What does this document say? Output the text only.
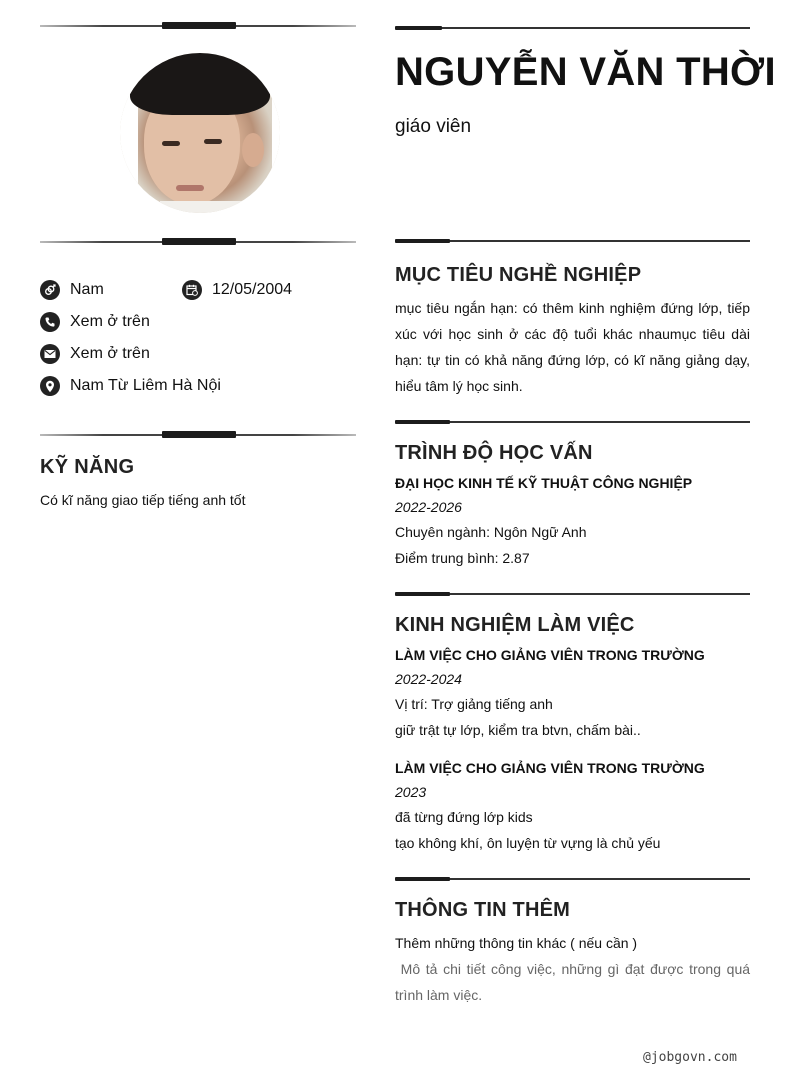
Nam	12/05/2004
Xem ở trên
Xem ở trên
Nam Từ Liêm Hà Nội
KỸ NĂNG
Có kĩ năng giao tiếp tiếng anh tốt
NGUYỄN VĂN THỜI
giáo viên
MỤC TIÊU NGHỀ NGHIỆP
mục tiêu ngắn hạn: có thêm kinh nghiệm đứng lớp, tiếp xúc với học sinh ở các độ tuổi khác nhaumục tiêu dài hạn: tự tin có khả năng đứng lớp, có kĩ năng giảng dạy, hiểu tâm lý học sinh.
TRÌNH ĐỘ HỌC VẤN
ĐẠI HỌC KINH TẾ KỸ THUẬT CÔNG NGHIỆP
2022-2026
Chuyên ngành: Ngôn Ngữ Anh
Điểm trung bình: 2.87
KINH NGHIỆM LÀM VIỆC
LÀM VIỆC CHO GIẢNG VIÊN TRONG TRƯỜNG
2022-2024
Vị trí: Trợ giảng tiếng anh
giữ trật tự lớp, kiểm tra btvn, chấm bài..
LÀM VIỆC CHO GIẢNG VIÊN TRONG TRƯỜNG
2023
đã từng đứng lớp kids
tạo không khí, ôn luyện từ vựng là chủ yếu
THÔNG TIN THÊM
Thêm những thông tin khác ( nếu cần )
Mô tả chi tiết công việc, những gì đạt được trong quá trình làm việc.
@jobgovn.com
